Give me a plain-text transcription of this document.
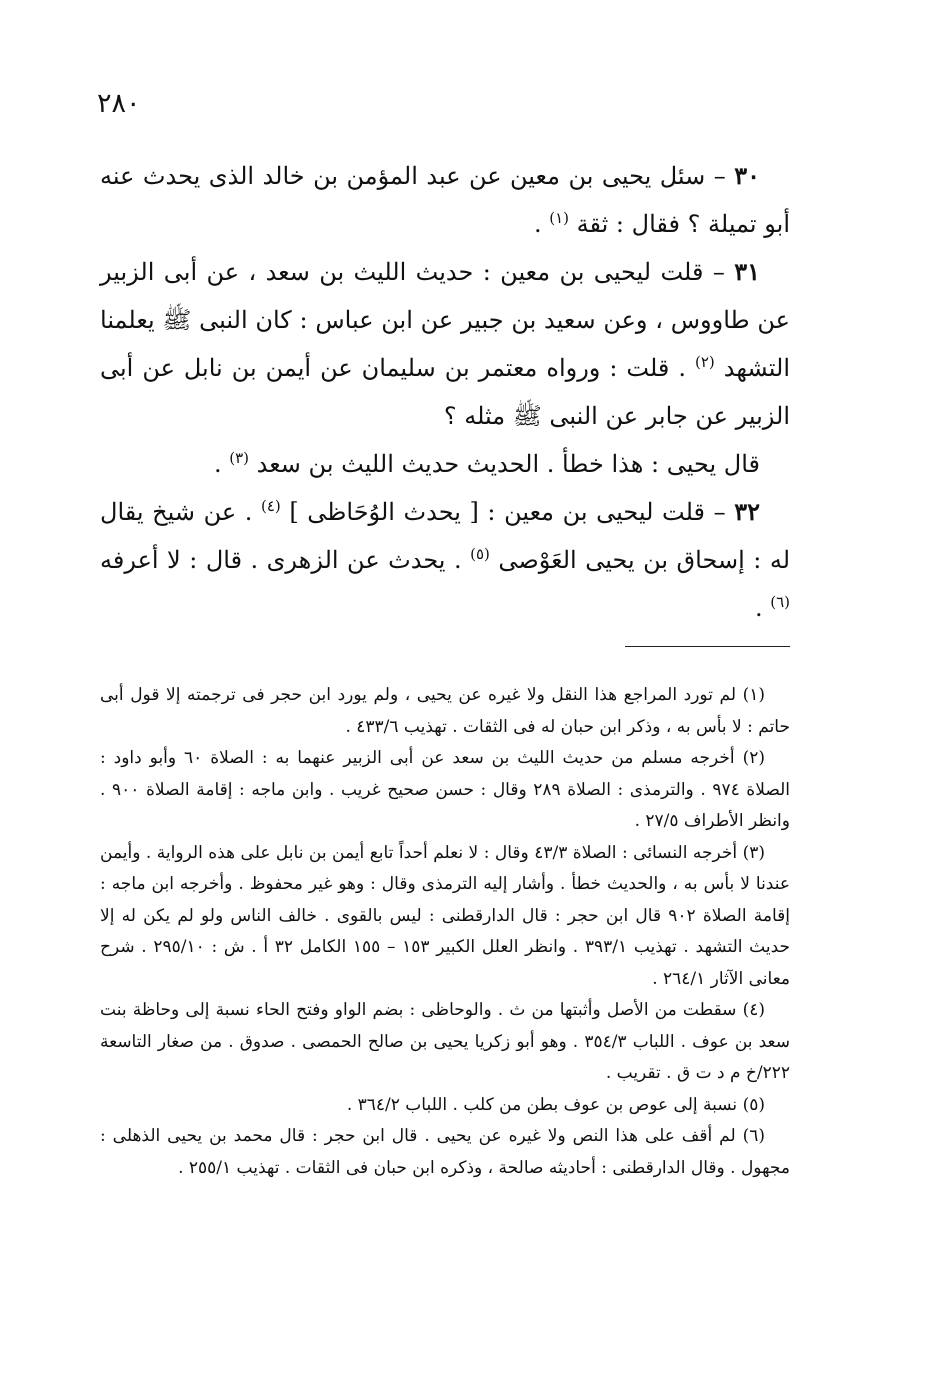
٢٨٠

٣٠ – سئل يحيى بن معين عن عبد المؤمن بن خالد الذى يحدث عنه أبو تميلة ؟ فقال : ثقة $^{(١)}$ .

٣١ – قلت ليحيى بن معين : حديث الليث بن سعد ، عن أبى الزبير عن طاووس ، وعن سعيد بن جبير عن ابن عباس : كان النبى ﷺ يعلمنا التشهد $^{(٢)}$ . قلت : ورواه معتمر بن سليمان عن أيمن بن نابل عن أبى الزبير عن جابر عن النبى ﷺ مثله ؟

قال يحيى : هذا خطأ . الحديث حديث الليث بن سعد $^{(٣)}$ .

٣٢ – قلت ليحيى بن معين : [ يحدث الوُحَاظى ] $^{(٤)}$ . عن شيخ يقال له : إسحاق بن يحيى العَوْصى $^{(٥)}$ . يحدث عن الزهرى . قال : لا أعرفه $^{(٦)}$ .

(١) لم تورد المراجع هذا النقل ولا غيره عن يحيى ، ولم يورد ابن حجر فى ترجمته إلا قول أبى حاتم : لا بأس به ، وذكر ابن حبان له فى الثقات . تهذيب ٤٣٣/٦ .

(٢) أخرجه مسلم من حديث الليث بن سعد عن أبى الزبير عنهما به : الصلاة ٦٠ وأبو داود : الصلاة ٩٧٤ . والترمذى : الصلاة ٢٨٩ وقال : حسن صحيح غريب . وابن ماجه : إقامة الصلاة ٩٠٠ . وانظر الأطراف ٢٧/٥ .

(٣) أخرجه النسائى : الصلاة ٤٣/٣ وقال : لا نعلم أحداً تابع أيمن بن نابل على هذه الرواية . وأيمن عندنا لا بأس به ، والحديث خطأ . وأشار إليه الترمذى وقال : وهو غير محفوظ . وأخرجه ابن ماجه : إقامة الصلاة ٩٠٢ قال ابن حجر : قال الدارقطنى : ليس بالقوى . خالف الناس ولو لم يكن له إلا حديث التشهد . تهذيب ٣٩٣/١ . وانظر العلل الكبير ١٥٣ – ١٥٥ الكامل ٣٢ أ . ش : ٢٩٥/١٠ . شرح معانى الآثار ٢٦٤/١ .

(٤) سقطت من الأصل وأثبتها من ث . والوحاظى : بضم الواو وفتح الحاء نسبة إلى وحاظة بنت سعد بن عوف . اللباب ٣٥٤/٣ . وهو أبو زكريا يحيى بن صالح الحمصى . صدوق . من صغار التاسعة ٢٢٢/خ م د ت ق . تقريب .

(٥) نسبة إلى عوص بن عوف بطن من كلب . اللباب ٣٦٤/٢ .

(٦) لم أقف على هذا النص ولا غيره عن يحيى . قال ابن حجر : قال محمد بن يحيى الذهلى : مجهول . وقال الدارقطنى : أحاديثه صالحة ، وذكره ابن حبان فى الثقات . تهذيب ٢٥٥/١ .
